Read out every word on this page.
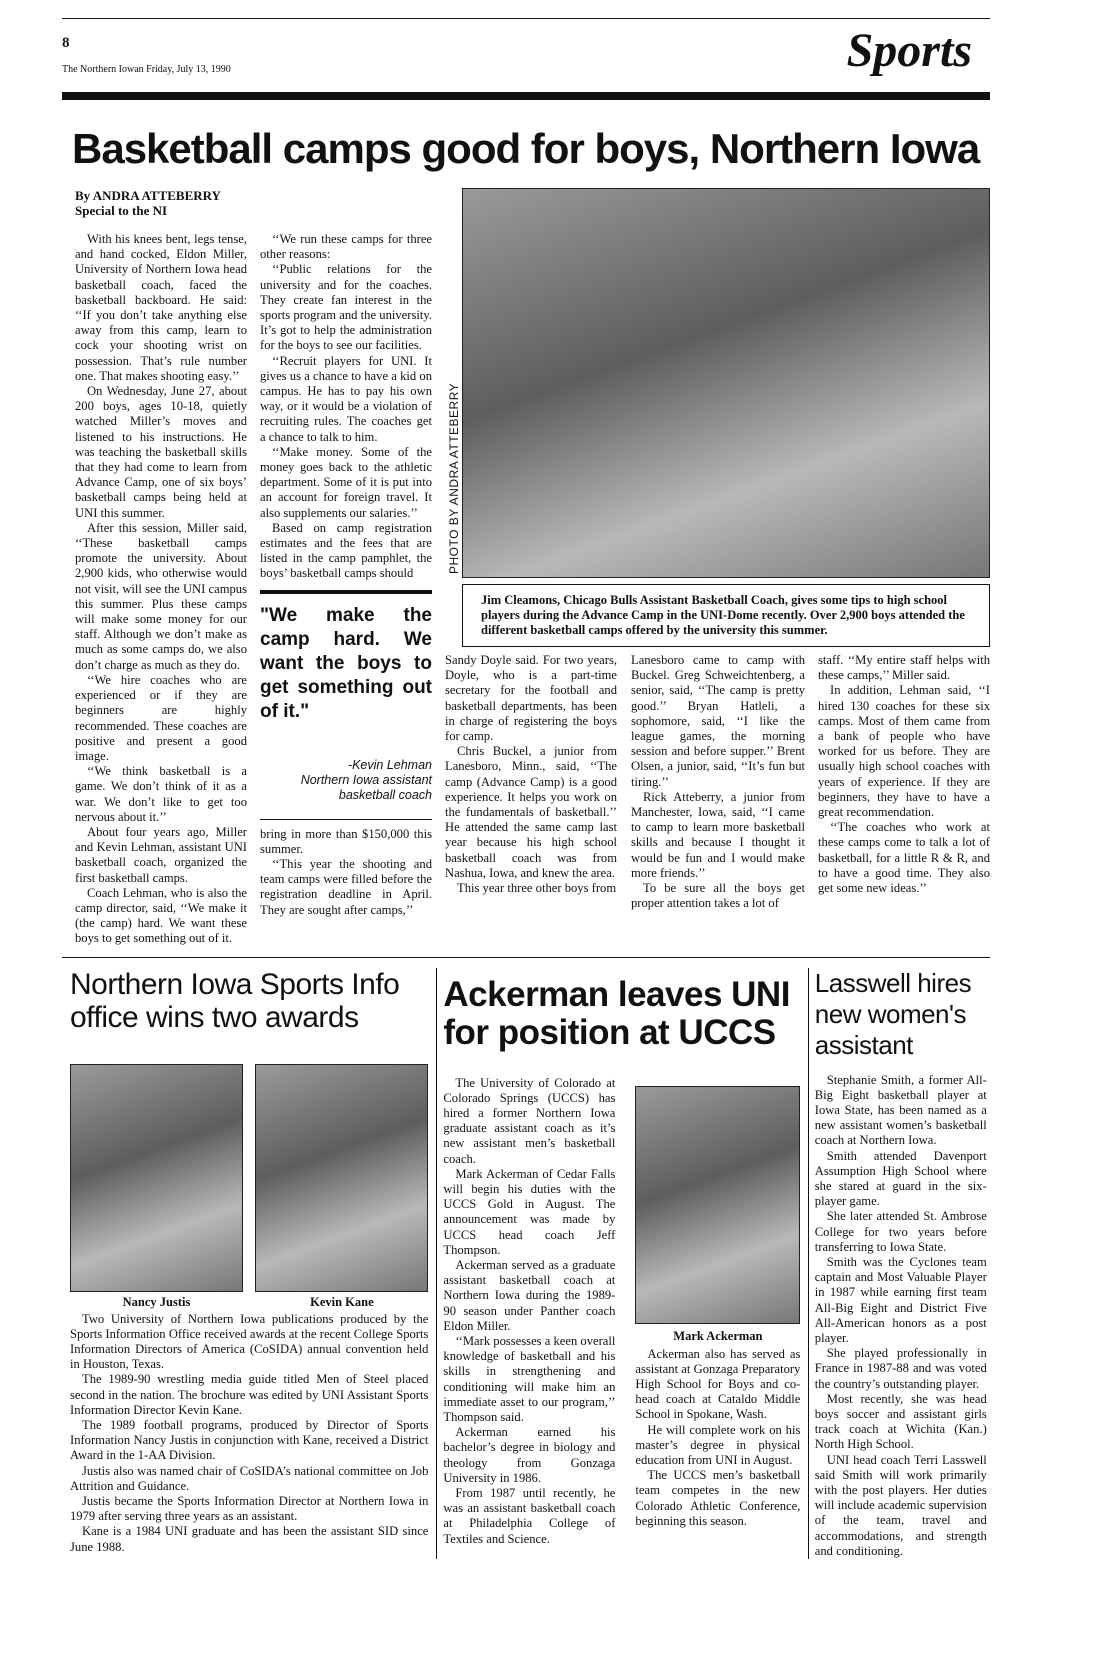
8
The Northern Iowan Friday, July 13, 1990	Sports
Basketball camps good for boys, Northern Iowa
By ANDRA ATTEBERRY
Special to the NI

With his knees bent, legs tense, and hand cocked, Eldon Miller, University of Northern Iowa head basketball coach, faced the basketball backboard. He said: ‘‘If you don’t take anything else away from this camp, learn to cock your shooting wrist on possession. That’s rule number one. That makes shooting easy.’’

On Wednesday, June 27, about 200 boys, ages 10-18, quietly watched Miller’s moves and listened to his instructions. He was teaching the basketball skills that they had come to learn from Advance Camp, one of six boys’ basketball camps being held at UNI this summer.

After this session, Miller said, ‘‘These basketball camps promote the university. About 2,900 kids, who otherwise would not visit, will see the UNI campus this summer. Plus these camps will make some money for our staff. Although we don’t make as much as some camps do, we also don’t charge as much as they do.

‘‘We hire coaches who are experienced or if they are beginners are highly recommended. These coaches are positive and present a good image.

‘‘We think basketball is a game. We don’t think of it as a war. We don’t like to get too nervous about it.’’

About four years ago, Miller and Kevin Lehman, assistant UNI basketball coach, organized the first basketball camps.

Coach Lehman, who is also the camp director, said, ‘‘We make it (the camp) hard. We want these boys to get something out of it.

‘‘We run these camps for three other reasons:

‘‘Public relations for the university and for the coaches. They create fan interest in the sports program and the university. It’s got to help the administration for the boys to see our facilities.

‘‘Recruit players for UNI. It gives us a chance to have a kid on campus. He has to pay his own way, or it would be a violation of recruiting rules. The coaches get a chance to talk to him.

‘‘Make money. Some of the money goes back to the athletic department. Some of it is put into an account for foreign travel. It also supplements our salaries.’’

Based on camp registration estimates and the fees that are listed in the camp pamphlet, the boys’ basketball camps should

"We make the camp hard. We want the boys to get something out of it."
-Kevin Lehman
Northern Iowa assistant
basketball coach

bring in more than $150,000 this summer.

‘‘This year the shooting and team camps were filled before the registration deadline in April. They are sought after camps,’’

PHOTO BY ANDRA ATTEBERRY
Jim Cleamons, Chicago Bulls Assistant Basketball Coach, gives some tips to high school players during the Advance Camp in the UNI-Dome recently. Over 2,900 boys attended the different basketball camps offered by the university this summer.

Sandy Doyle said. For two years, Doyle, who is a part-time secretary for the football and basketball departments, has been in charge of registering the boys for camp.

Chris Buckel, a junior from Lanesboro, Minn., said, ‘‘The camp (Advance Camp) is a good experience. It helps you work on the fundamentals of basketball.’’ He attended the same camp last year because his high school basketball coach was from Nashua, Iowa, and knew the area.

This year three other boys from

Lanesboro came to camp with Buckel. Greg Schweichtenberg, a senior, said, ‘‘The camp is pretty good.’’ Bryan Hatleli, a sophomore, said, ‘‘I like the league games, the morning session and before supper.’’ Brent Olsen, a junior, said, ‘‘It’s fun but tiring.’’

Rick Atteberry, a junior from Manchester, Iowa, said, ‘‘I came to camp to learn more basketball skills and because I thought it would be fun and I would make more friends.’’

To be sure all the boys get proper attention takes a lot of

staff. ‘‘My entire staff helps with these camps,’’ Miller said.

In addition, Lehman said, ‘‘I hired 130 coaches for these six camps. Most of them came from a bank of people who have worked for us before. They are usually high school coaches with years of experience. If they are beginners, they have to have a great recommendation.

‘‘The coaches who work at these camps come to talk a lot of basketball, for a little R & R, and to have a good time. They also get some new ideas.’’

Northern Iowa Sports Info office wins two awards
Nancy Justis	Kevin Kane

Two University of Northern Iowa publications produced by the Sports Information Office received awards at the recent College Sports Information Directors of America (CoSIDA) annual convention held in Houston, Texas.

The 1989-90 wrestling media guide titled Men of Steel placed second in the nation. The brochure was edited by UNI Assistant Sports Information Director Kevin Kane.

The 1989 football programs, produced by Director of Sports Information Nancy Justis in conjunction with Kane, received a District Award in the 1-AA Division.

Justis also was named chair of CoSIDA’s national committee on Job Attrition and Guidance.

Justis became the Sports Information Director at Northern Iowa in 1979 after serving three years as an assistant.

Kane is a 1984 UNI graduate and has been the assistant SID since June 1988.

Ackerman leaves UNI for position at UCCS

The University of Colorado at Colorado Springs (UCCS) has hired a former Northern Iowa graduate assistant coach as it’s new assistant men’s basketball coach.

Mark Ackerman of Cedar Falls will begin his duties with the UCCS Gold in August. The announcement was made by UCCS head coach Jeff Thompson.

Ackerman served as a graduate assistant basketball coach at Northern Iowa during the 1989-90 season under Panther coach Eldon Miller.

‘‘Mark possesses a keen overall knowledge of basketball and his skills in strengthening and conditioning will make him an immediate asset to our program,’’ Thompson said.

Ackerman earned his bachelor’s degree in biology and theology from Gonzaga University in 1986.

From 1987 until recently, he was an assistant basketball coach at Philadelphia College of Textiles and Science.

Mark Ackerman

Ackerman also has served as assistant at Gonzaga Preparatory High School for Boys and co-head coach at Cataldo Middle School in Spokane, Wash.

He will complete work on his master’s degree in physical education from UNI in August.

The UCCS men’s basketball team competes in the new Colorado Athletic Conference, beginning this season.

Lasswell hires new women's assistant

Stephanie Smith, a former All-Big Eight basketball player at Iowa State, has been named as a new assistant women’s basketball coach at Northern Iowa.

Smith attended Davenport Assumption High School where she stared at guard in the six-player game.

She later attended St. Ambrose College for two years before transferring to Iowa State.

Smith was the Cyclones team captain and Most Valuable Player in 1987 while earning first team All-Big Eight and District Five All-American honors as a post player.

She played professionally in France in 1987-88 and was voted the country’s outstanding player.

Most recently, she was head boys soccer and assistant girls track coach at Wichita (Kan.) North High School.

UNI head coach Terri Lasswell said Smith will work primarily with the post players. Her duties will include academic supervision of the team, travel and accommodations, and strength and conditioning.
